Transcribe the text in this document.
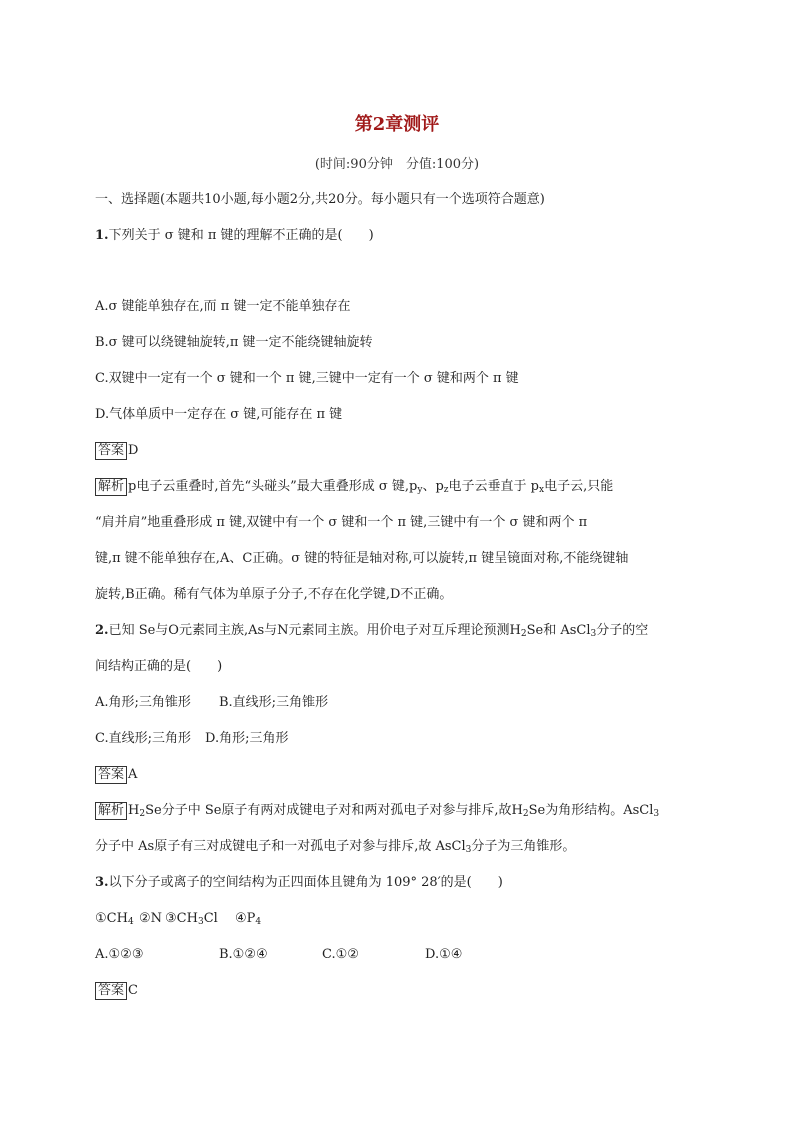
第2章测评
(时间:90分钟　分值:100分)
一、选择题(本题共10小题,每小题2分,共20分。每小题只有一个选项符合题意)
1.下列关于 σ 键和 π 键的理解不正确的是(　　)
A.σ 键能单独存在,而 π 键一定不能单独存在
B.σ 键可以绕键轴旋转,π 键一定不能绕键轴旋转
C.双键中一定有一个 σ 键和一个 π 键,三键中一定有一个 σ 键和两个 π 键
D.气体单质中一定存在 σ 键,可能存在 π 键
答案 D
解析 p电子云重叠时,首先“头碰头”最大重叠形成 σ 键$,p_y$、$p_z$电子云垂直于 $p_x$电子云,只能
“肩并肩”地重叠形成 π 键,双键中有一个 σ 键和一个 π 键,三键中有一个 σ 键和两个 π
键,π 键不能单独存在,A、C正确。σ 键的特征是轴对称,可以旋转,π 键呈镜面对称,不能绕键轴
旋转,B正确。稀有气体为单原子分子,不存在化学键,D不正确。
2.已知 Se与O元素同主族,As与N元素同主族。用价电子对互斥理论预测$H_2Se$和 AsCl$_3$分子的空
间结构正确的是(　　)
A.角形;三角锥形 B.直线形;三角锥形
C.直线形;三角形 D.角形;三角形
答案 A
解析 $H_2Se$分子中 Se原子有两对成键电子对和两对孤电子对参与排斥,故$H_2Se$为角形结构。AsCl$_3$
分子中 As原子有三对成键电子和一对孤电子对参与排斥,故 AsCl$_3$分子为三角锥形。
3.以下分子或离子的空间结构为正四面体且键角为 109° 28′的是(　　)
$①CH_4$ ②N $③CH_3Cl$ $④P_4$
A.①②③	B.①②④	C.①②	D.①④
答案 C
